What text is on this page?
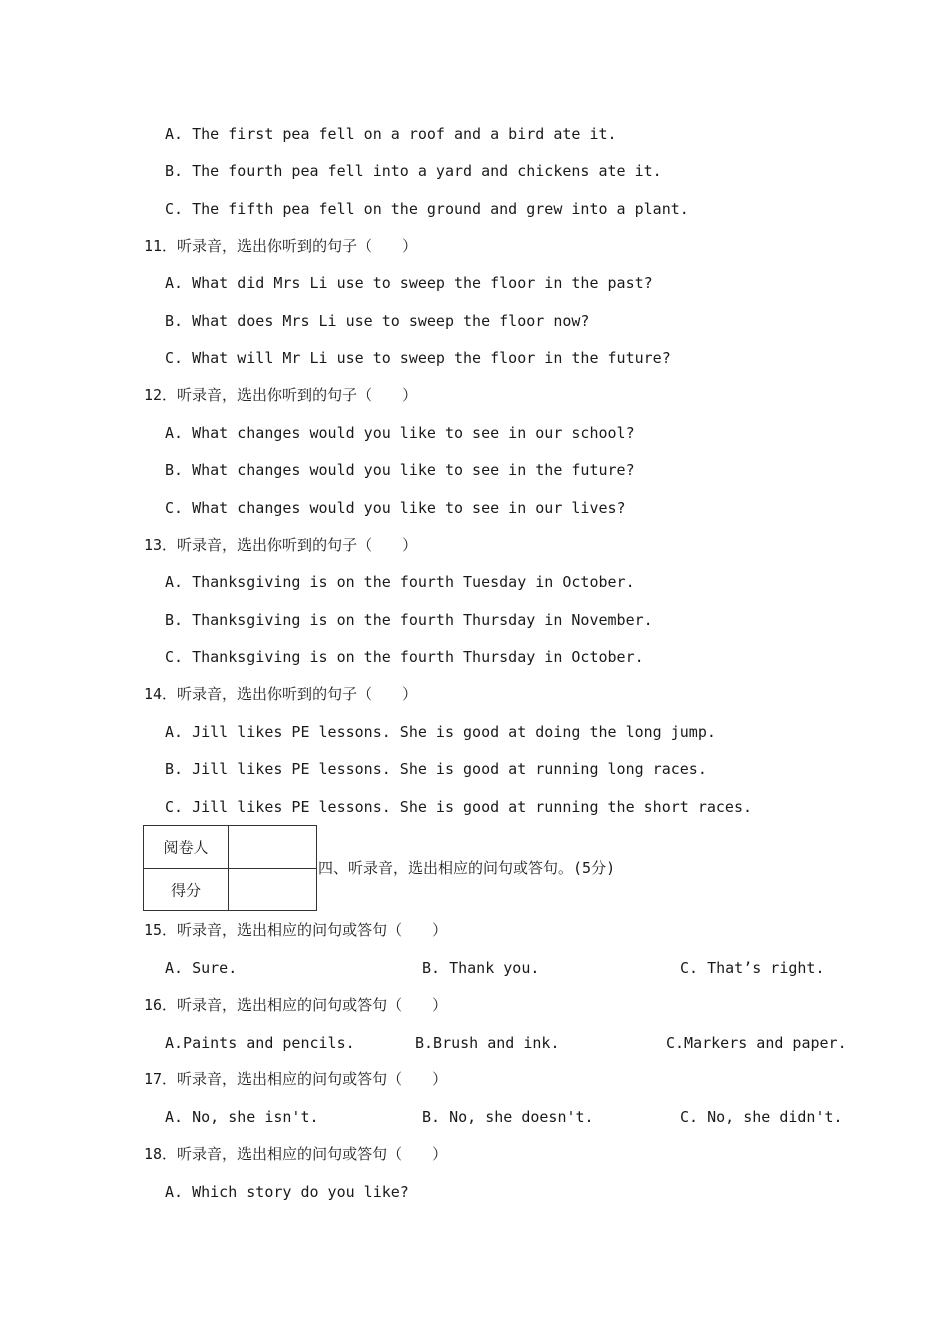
A. The first pea fell on a roof and a bird ate it.
B. The fourth pea fell into a yard and chickens ate it.
C. The fifth pea fell on the ground and grew into a plant.
11．听录音，选出你听到的句子（　　）
A. What did Mrs Li use to sweep the floor in the past?
B. What does Mrs Li use to sweep the floor now?
C. What will Mr Li use to sweep the floor in the future?
12．听录音，选出你听到的句子（　　）
A. What changes would you like to see in our school?
B. What changes would you like to see in the future?
C. What changes would you like to see in our lives?
13．听录音，选出你听到的句子（　　）
A. Thanksgiving is on the fourth Tuesday in October.
B. Thanksgiving is on the fourth Thursday in November.
C. Thanksgiving is on the fourth Thursday in October.
14．听录音，选出你听到的句子（　　）
A. Jill likes PE lessons. She is good at doing the long jump.
B. Jill likes PE lessons. She is good at running long races.
C. Jill likes PE lessons. She is good at running the short races.
阅卷人
得分
四、听录音，选出相应的问句或答句。(5分)
15．听录音，选出相应的问句或答句（　　）
A. Sure.	B. Thank you.	C. That’s right.
16．听录音，选出相应的问句或答句（　　）
A.Paints and pencils.	B.Brush and ink.	C.Markers and paper.
17．听录音，选出相应的问句或答句（　　）
A. No, she isn't.	B. No, she doesn't.	C. No, she didn't.
18．听录音，选出相应的问句或答句（　　）
A. Which story do you like?
